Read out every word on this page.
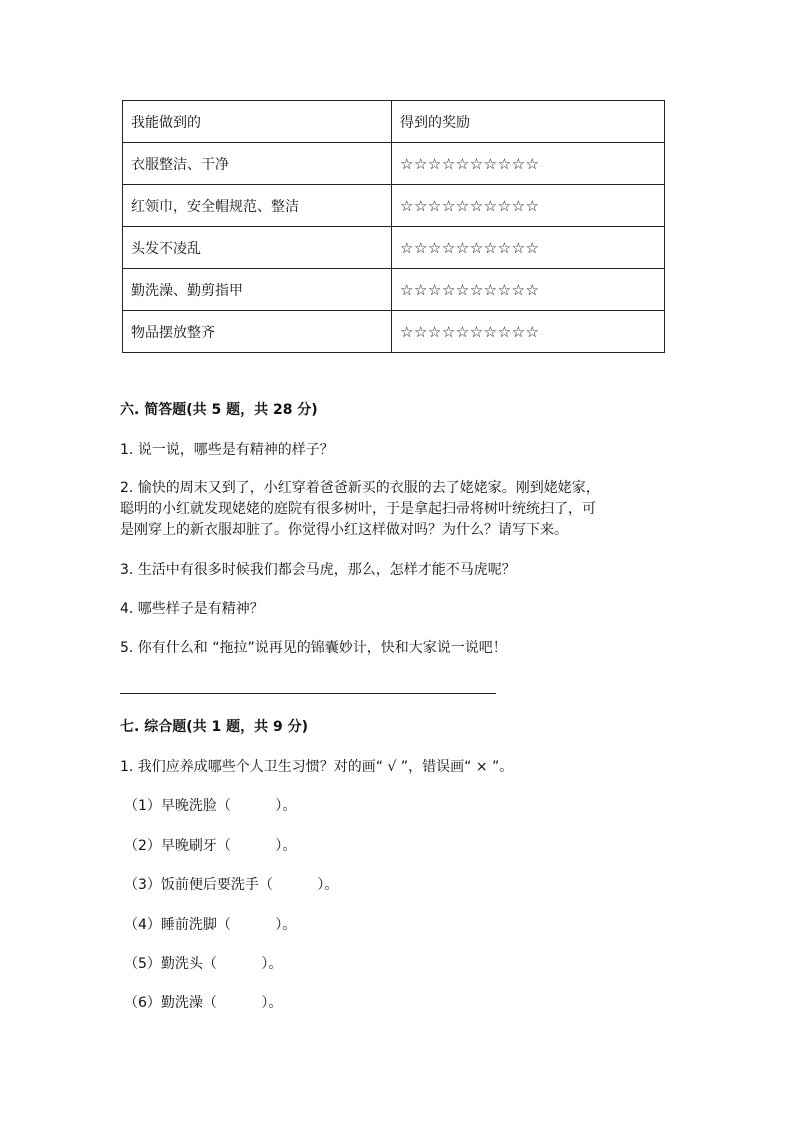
我能做到的	得到的奖励
衣服整洁、干净	☆☆☆☆☆☆☆☆☆☆
红领巾，安全帽规范、整洁	☆☆☆☆☆☆☆☆☆☆
头发不凌乱	☆☆☆☆☆☆☆☆☆☆
勤洗澡、勤剪指甲	☆☆☆☆☆☆☆☆☆☆
物品摆放整齐	☆☆☆☆☆☆☆☆☆☆

六. 简答题(共 5 题，共 28 分)

1. 说一说，哪些是有精神的样子？

2. 愉快的周末又到了，小红穿着爸爸新买的衣服的去了姥姥家。刚到姥姥家，

聪明的小红就发现姥姥的庭院有很多树叶，于是拿起扫帚将树叶统统扫了，可

是刚穿上的新衣服却脏了。你觉得小红这样做对吗？为什么？请写下来。

3. 生活中有很多时候我们都会马虎，那么，怎样才能不马虎呢？

4. 哪些样子是有精神？

5. 你有什么和 “拖拉”说再见的锦囊妙计，快和大家说一说吧！

七. 综合题(共 1 题，共 9 分)

1. 我们应养成哪些个人卫生习惯？对的画“ √ ”，错误画“ × ”。

（1）早晚洗脸（          ）。

（2）早晚刷牙（          ）。

（3）饭前便后要洗手（          ）。

（4）睡前洗脚（          ）。

（5）勤洗头（          ）。

（6）勤洗澡（          ）。
